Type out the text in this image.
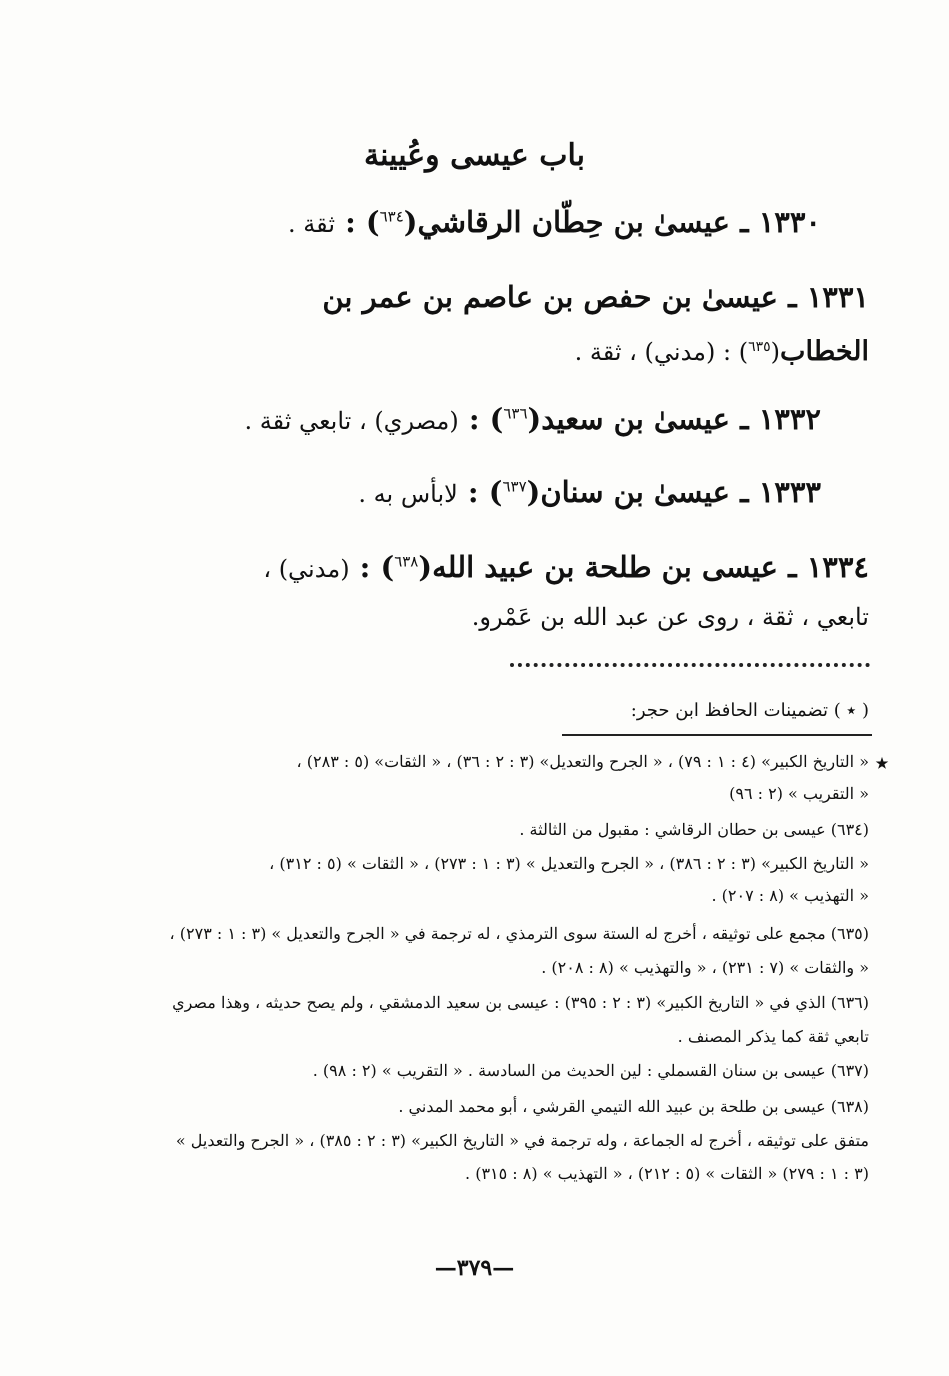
باب عيسى وعُيينة
١٣٣٠ ـ عيسىٰ بن حِطّان الرقاشي($^{٦٣٤}$) : ثقة .
١٣٣١ ـ عيسىٰ بن حفص بن عاصم بن عمر بن
الخطاب($^{٦٣٥}$) : (مدني) ، ثقة .
١٣٣٢ ـ عيسىٰ بن سعيد($^{٦٣٦}$) : (مصري) ، تابعي ثقة .
١٣٣٣ ـ عيسىٰ بن سنان($^{٦٣٧}$) : لابأس به .
١٣٣٤ ـ عيسى بن طلحة بن عبيد الله($^{٦٣٨}$) : (مدني) ،
تابعي ، ثقة ، روى عن عبد الله بن عَمْرو.
( ٭ ) تضمينات الحافظ ابن حجر:
٭
« التاريخ الكبير» (٤ : ١ : ٧٩) ، « الجرح والتعديل» (٣ : ٢ : ٣٦) ، « الثقات» (٥ : ٢٨٣) ،
« التقريب » (٢ : ٩٦)
(٦٣٤) عيسى بن حطان الرقاشي : مقبول من الثالثة .
« التاريخ الكبير» (٣ : ٢ : ٣٨٦) ، « الجرح والتعديل » (٣ : ١ : ٢٧٣) ، « الثقات » (٥ : ٣١٢) ،
« التهذيب » (٨ : ٢٠٧) .
(٦٣٥) مجمع على توثيقه ، أخرج له الستة سوى الترمذي ، له ترجمة في « الجرح والتعديل » (٣ : ١ : ٢٧٣) ،
« والثقات » (٧ : ٢٣١) ، « والتهذيب » (٨ : ٢٠٨) .
(٦٣٦) الذي في « التاريخ الكبير» (٣ : ٢ : ٣٩٥) : عيسى بن سعيد الدمشقي ، ولم يصح حديثه ، وهذا مصري
تابعي ثقة كما يذكر المصنف .
(٦٣٧) عيسى بن سنان القسملي : لين الحديث من السادسة . « التقريب » (٢ : ٩٨) .
(٦٣٨) عيسى بن طلحة بن عبيد الله التيمي القرشي ، أبو محمد المدني .
متفق على توثيقه ، أخرج له الجماعة ، وله ترجمة في « التاريخ الكبير» (٣ : ٢ : ٣٨٥) ، « الجرح والتعديل »
(٣ : ١ : ٢٧٩) « الثقات » (٥ : ٢١٢) ، « التهذيب » (٨ : ٣١٥) .
—٣٧٩—
